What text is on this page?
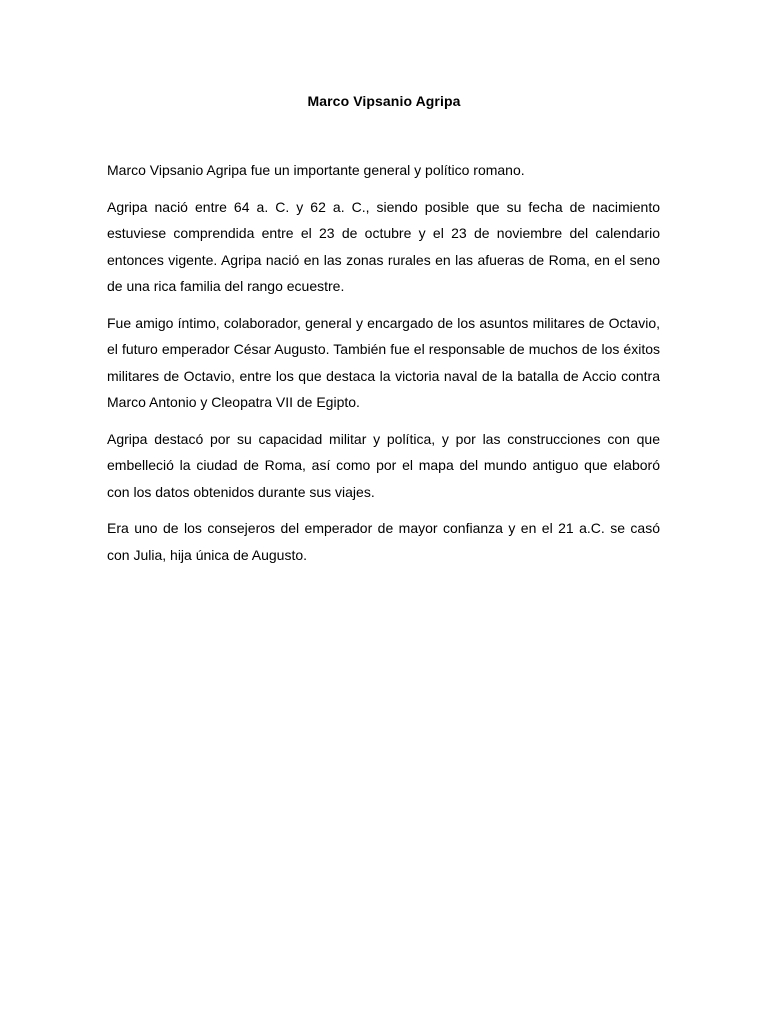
Marco Vipsanio Agripa

Marco Vipsanio Agripa fue un importante general y político romano.

Agripa nació entre 64 a. C. y 62 a. C., siendo posible que su fecha de nacimiento estuviese comprendida entre el 23 de octubre y el 23 de noviembre del calendario entonces vigente. Agripa nació en las zonas rurales en las afueras de Roma, en el seno de una rica familia del rango ecuestre.

Fue amigo íntimo, colaborador, general y encargado de los asuntos militares de Octavio, el futuro emperador César Augusto. También fue el responsable de muchos de los éxitos militares de Octavio, entre los que destaca la victoria naval de la batalla de Accio contra Marco Antonio y Cleopatra VII de Egipto.

Agripa destacó por su capacidad militar y política, y por las construcciones con que embelleció la ciudad de Roma, así como por el mapa del mundo antiguo que elaboró con los datos obtenidos durante sus viajes.

Era uno de los consejeros del emperador de mayor confianza y en el 21 a.C. se casó con Julia, hija única de Augusto.
